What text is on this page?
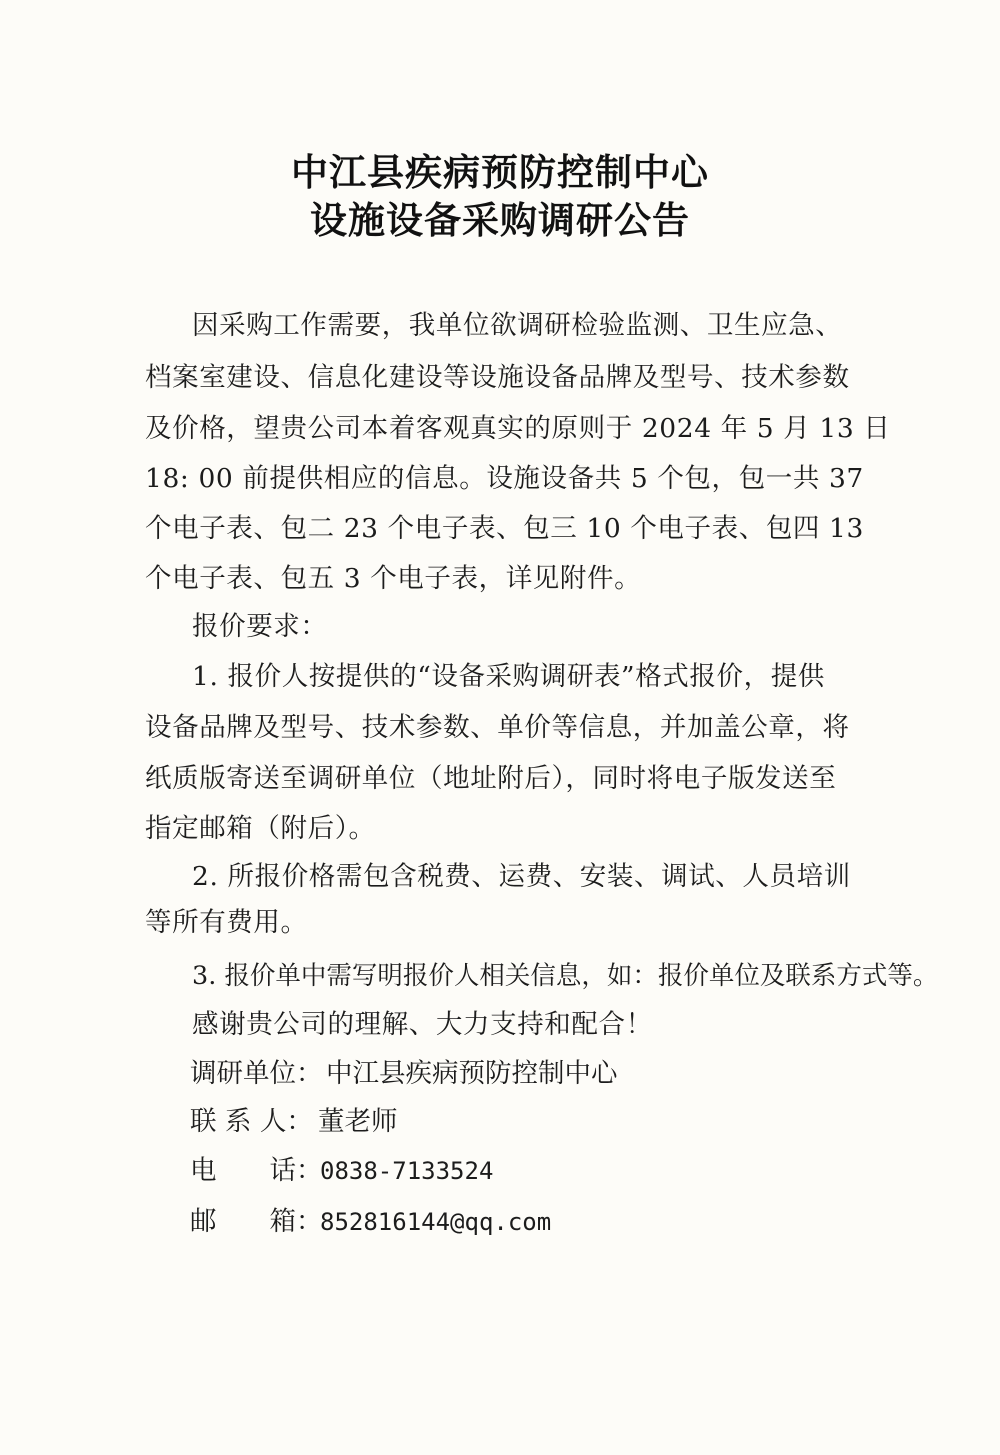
中江县疾病预防控制中心
设施设备采购调研公告
因采购工作需要，我单位欲调研检验监测、卫生应急、
档案室建设、信息化建设等设施设备品牌及型号、技术参数
及价格，望贵公司本着客观真实的原则于 2024 年 5 月 13 日
18: 00 前提供相应的信息。设施设备共 5 个包，包一共 37
个电子表、包二 23 个电子表、包三 10 个电子表、包四 13
个电子表、包五 3 个电子表，详见附件。
报价要求：
1. 报价人按提供的“设备采购调研表”格式报价，提供
设备品牌及型号、技术参数、单价等信息，并加盖公章，将
纸质版寄送至调研单位（地址附后），同时将电子版发送至
指定邮箱（附后）。
2. 所报价格需包含税费、运费、安装、调试、人员培训
等所有费用。
3. 报价单中需写明报价人相关信息，如：报价单位及联系方式等。
感谢贵公司的理解、大力支持和配合！
调研单位： 中江县疾病预防控制中心
联 系 人： 董老师
电　　话：
0838-7133524
邮　　箱：
852816144@qq.com
